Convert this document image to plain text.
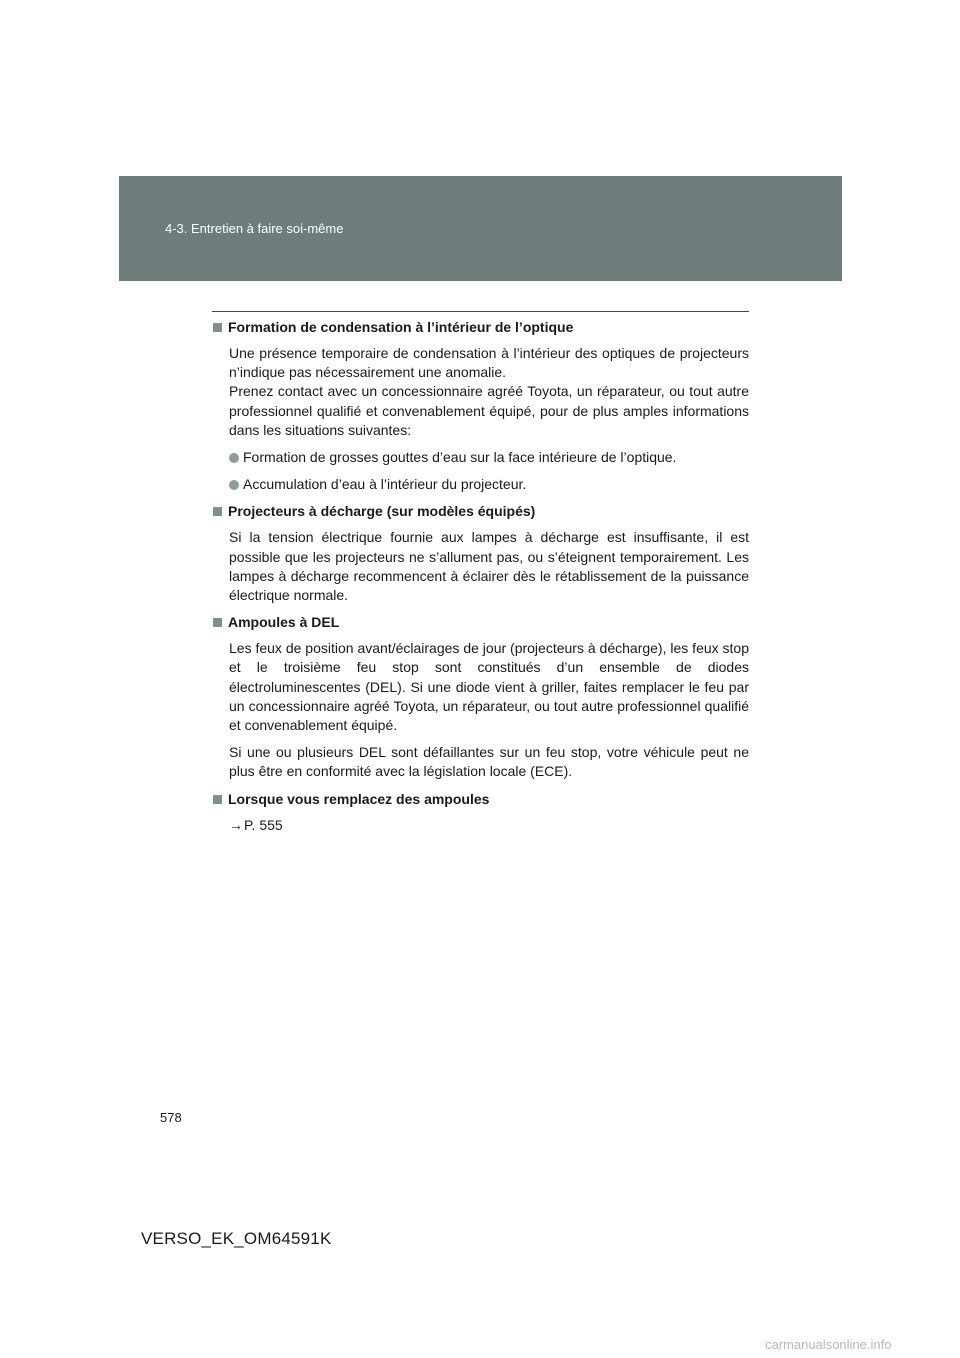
4-3. Entretien à faire soi-même
Formation de condensation à l’intérieur de l’optique

Une présence temporaire de condensation à l’intérieur des optiques de projecteurs n’indique pas nécessairement une anomalie.
Prenez contact avec un concessionnaire agréé Toyota, un réparateur, ou tout autre professionnel qualifié et convenablement équipé, pour de plus amples informations dans les situations suivantes:

Formation de grosses gouttes d’eau sur la face intérieure de l’optique.
Accumulation d’eau à l’intérieur du projecteur.
Projecteurs à décharge (sur modèles équipés)

Si la tension électrique fournie aux lampes à décharge est insuffisante, il est possible que les projecteurs ne s’allument pas, ou s’éteignent temporairement. Les lampes à décharge recommencent à éclairer dès le rétablissement de la puissance électrique normale.

Ampoules à DEL

Les feux de position avant/éclairages de jour (projecteurs à décharge), les feux stop et le troisième feu stop sont constitués d’un ensemble de diodes électroluminescentes (DEL). Si une diode vient à griller, faites remplacer le feu par un concessionnaire agréé Toyota, un réparateur, ou tout autre professionnel qualifié et convenablement équipé.

Si une ou plusieurs DEL sont défaillantes sur un feu stop, votre véhicule peut ne plus être en conformité avec la législation locale (ECE).

Lorsque vous remplacez des ampoules
→P. 555
578
VERSO_EK_OM64591K
carmanualsonline.info
